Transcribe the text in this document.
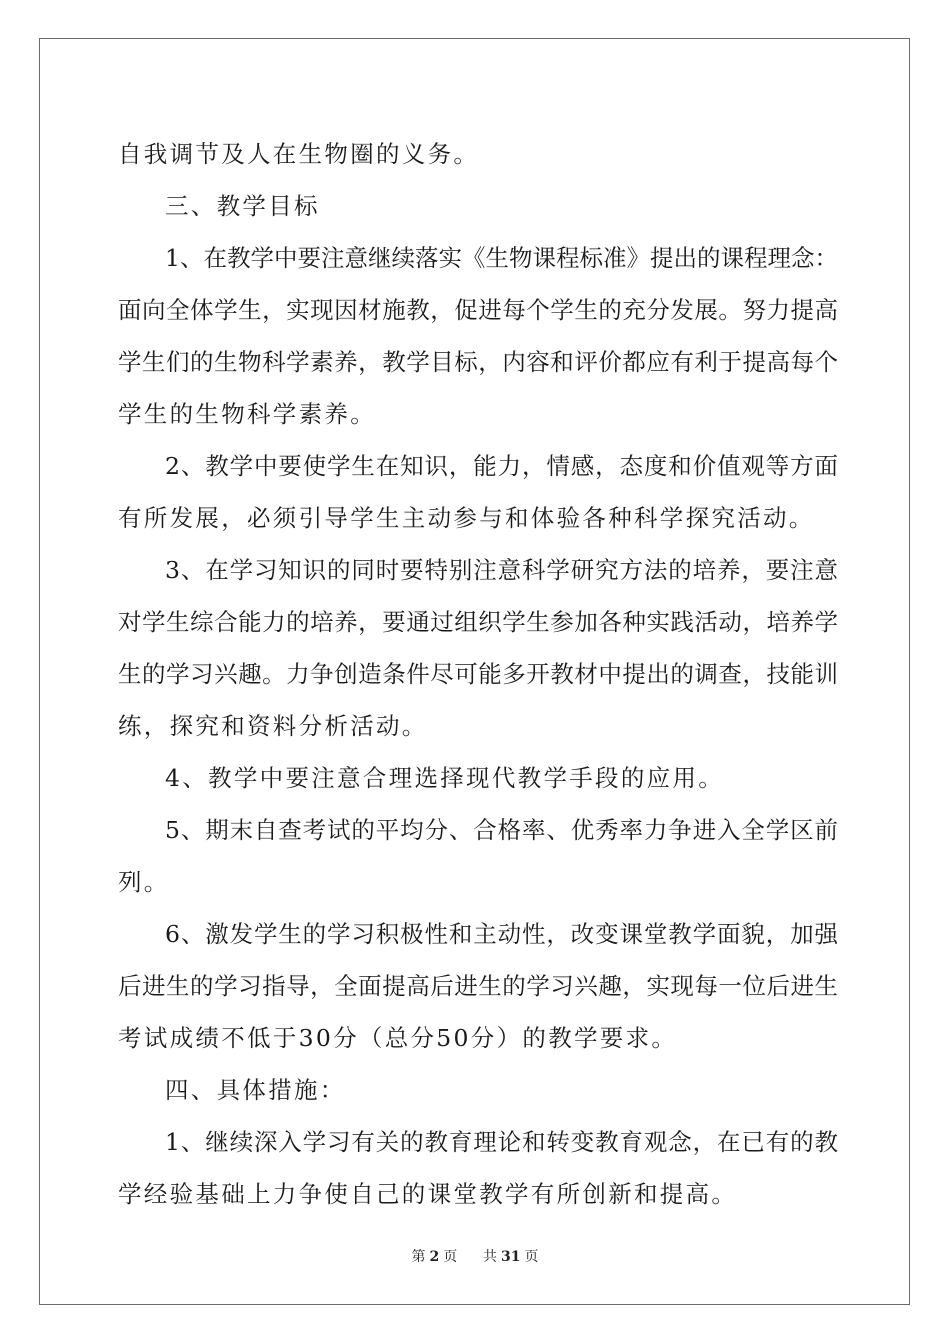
自我调节及人在生物圈的义务。
三、教学目标
1、在教学中要注意继续落实《生物课程标准》提出的课程理念：
面向全体学生，实现因材施教，促进每个学生的充分发展。努力提高
学生们的生物科学素养，教学目标，内容和评价都应有利于提高每个
学生的生物科学素养。
2、教学中要使学生在知识，能力，情感，态度和价值观等方面
有所发展，必须引导学生主动参与和体验各种科学探究活动。
3、在学习知识的同时要特别注意科学研究方法的培养，要注意
对学生综合能力的培养，要通过组织学生参加各种实践活动，培养学
生的学习兴趣。力争创造条件尽可能多开教材中提出的调查，技能训
练，探究和资料分析活动。
4、教学中要注意合理选择现代教学手段的应用。
5、期末自查考试的平均分、合格率、优秀率力争进入全学区前
列。
6、激发学生的学习积极性和主动性，改变课堂教学面貌，加强
后进生的学习指导，全面提高后进生的学习兴趣，实现每一位后进生
考试成绩不低于30分（总分50分）的教学要求。
四、具体措施：
1、继续深入学习有关的教育理论和转变教育观念，在已有的教
学经验基础上力争使自己的课堂教学有所创新和提高。
第 2 页 共 31 页
